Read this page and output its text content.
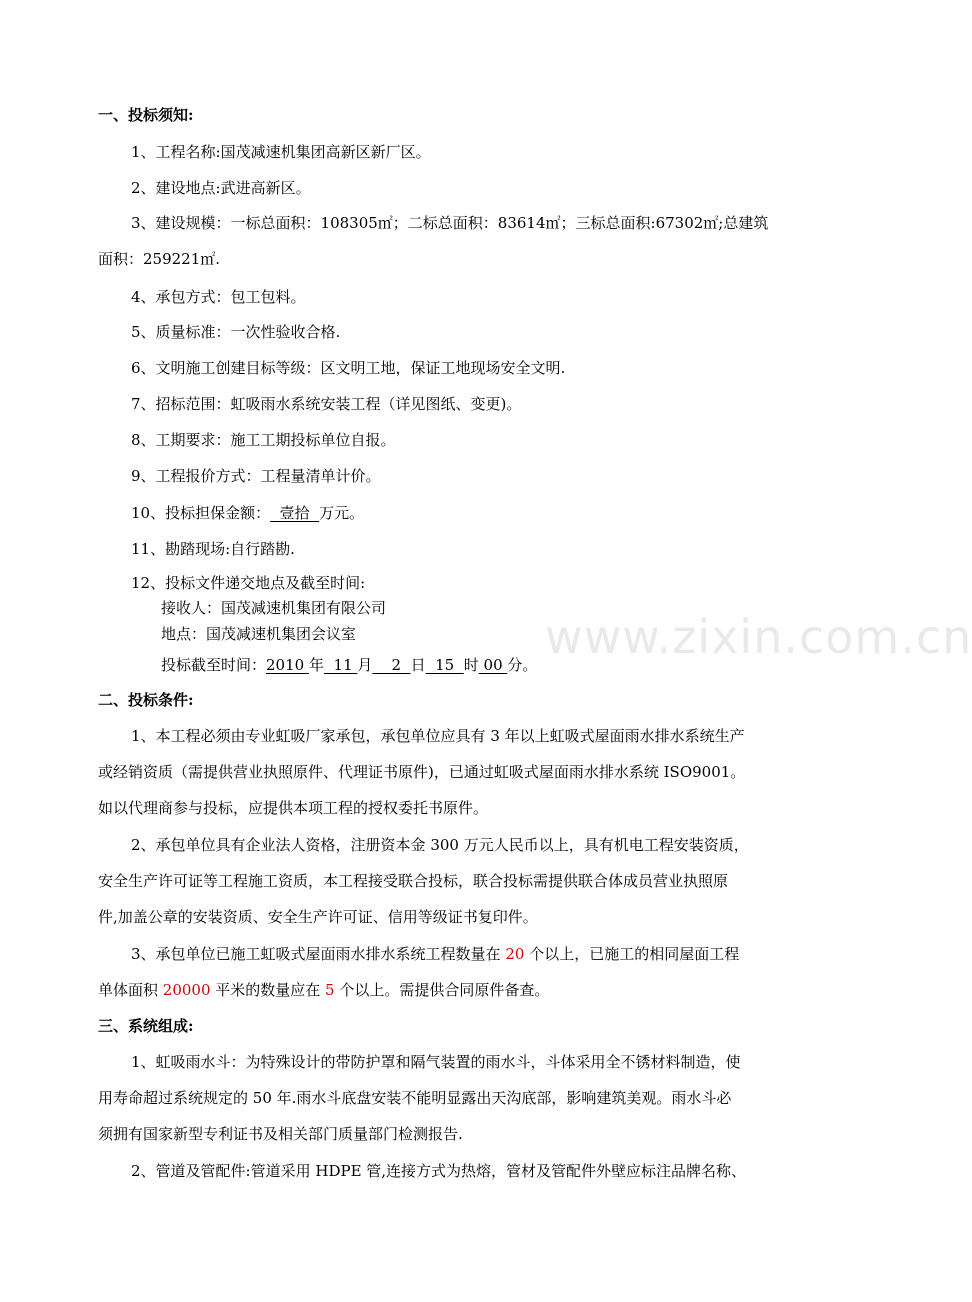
www.zixin.com.cn
一、投标须知:
1、工程名称:国茂减速机集团高新区新厂区。
2、建设地点:武进高新区。
3、建设规模：一标总面积：108305㎡；二标总面积：83614㎡；三标总面积:67302㎡;总建筑
面积：259221㎡.
4、承包方式：包工包料。
5、质量标准：一次性验收合格.
6、文明施工创建目标等级：区文明工地，保证工地现场安全文明.
7、招标范围：虹吸雨水系统安装工程（详见图纸、变更)。
8、工期要求：施工工期投标单位自报。
9、工程报价方式：工程量清单计价。
10、投标担保金额：  壹拾  万元。
11、勘踏现场:自行踏勘.
12、投标文件递交地点及截至时间:
接收人：国茂减速机集团有限公司
地点：国茂减速机集团会议室
投标截至时间：2010 年  11 月    2  日  15  时 00 分。
二、投标条件:
1、本工程必须由专业虹吸厂家承包，承包单位应具有 3 年以上虹吸式屋面雨水排水系统生产
或经销资质（需提供营业执照原件、代理证书原件)，已通过虹吸式屋面雨水排水系统 ISO9001。
如以代理商参与投标，应提供本项工程的授权委托书原件。
2、承包单位具有企业法人资格，注册资本金 300 万元人民币以上，具有机电工程安装资质，
安全生产许可证等工程施工资质，本工程接受联合投标，联合投标需提供联合体成员营业执照原
件,加盖公章的安装资质、安全生产许可证、信用等级证书复印件。
3、承包单位已施工虹吸式屋面雨水排水系统工程数量在 20 个以上，已施工的相同屋面工程
单体面积 20000 平米的数量应在 5 个以上。需提供合同原件备查。
三、系统组成:
1、虹吸雨水斗：为特殊设计的带防护罩和隔气装置的雨水斗，斗体采用全不锈材料制造，使
用寿命超过系统规定的 50 年.雨水斗底盘安装不能明显露出天沟底部，影响建筑美观。雨水斗必
须拥有国家新型专利证书及相关部门质量部门检测报告.
2、管道及管配件:管道采用 HDPE 管,连接方式为热熔，管材及管配件外壁应标注品牌名称、
